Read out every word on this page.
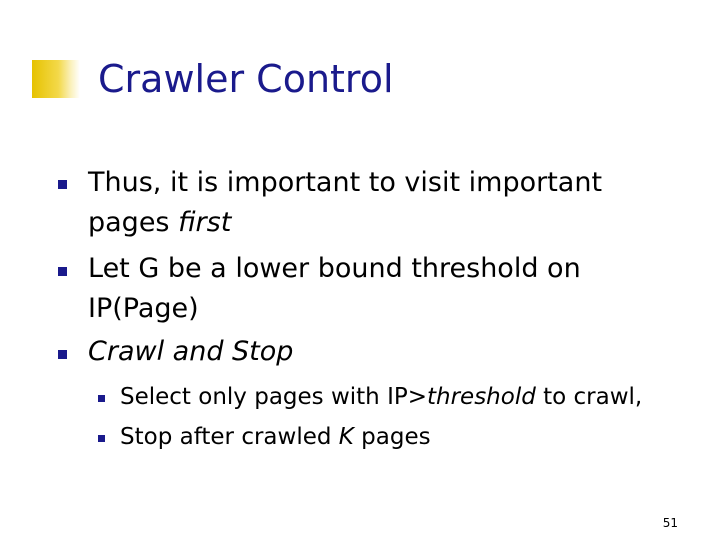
Crawler Control
Thus, it is important to visit important
pages first
Let G be a lower bound threshold on
IP(Page)
Crawl and Stop
Select only pages with IP>threshold to crawl,
Stop after crawled K pages
51
